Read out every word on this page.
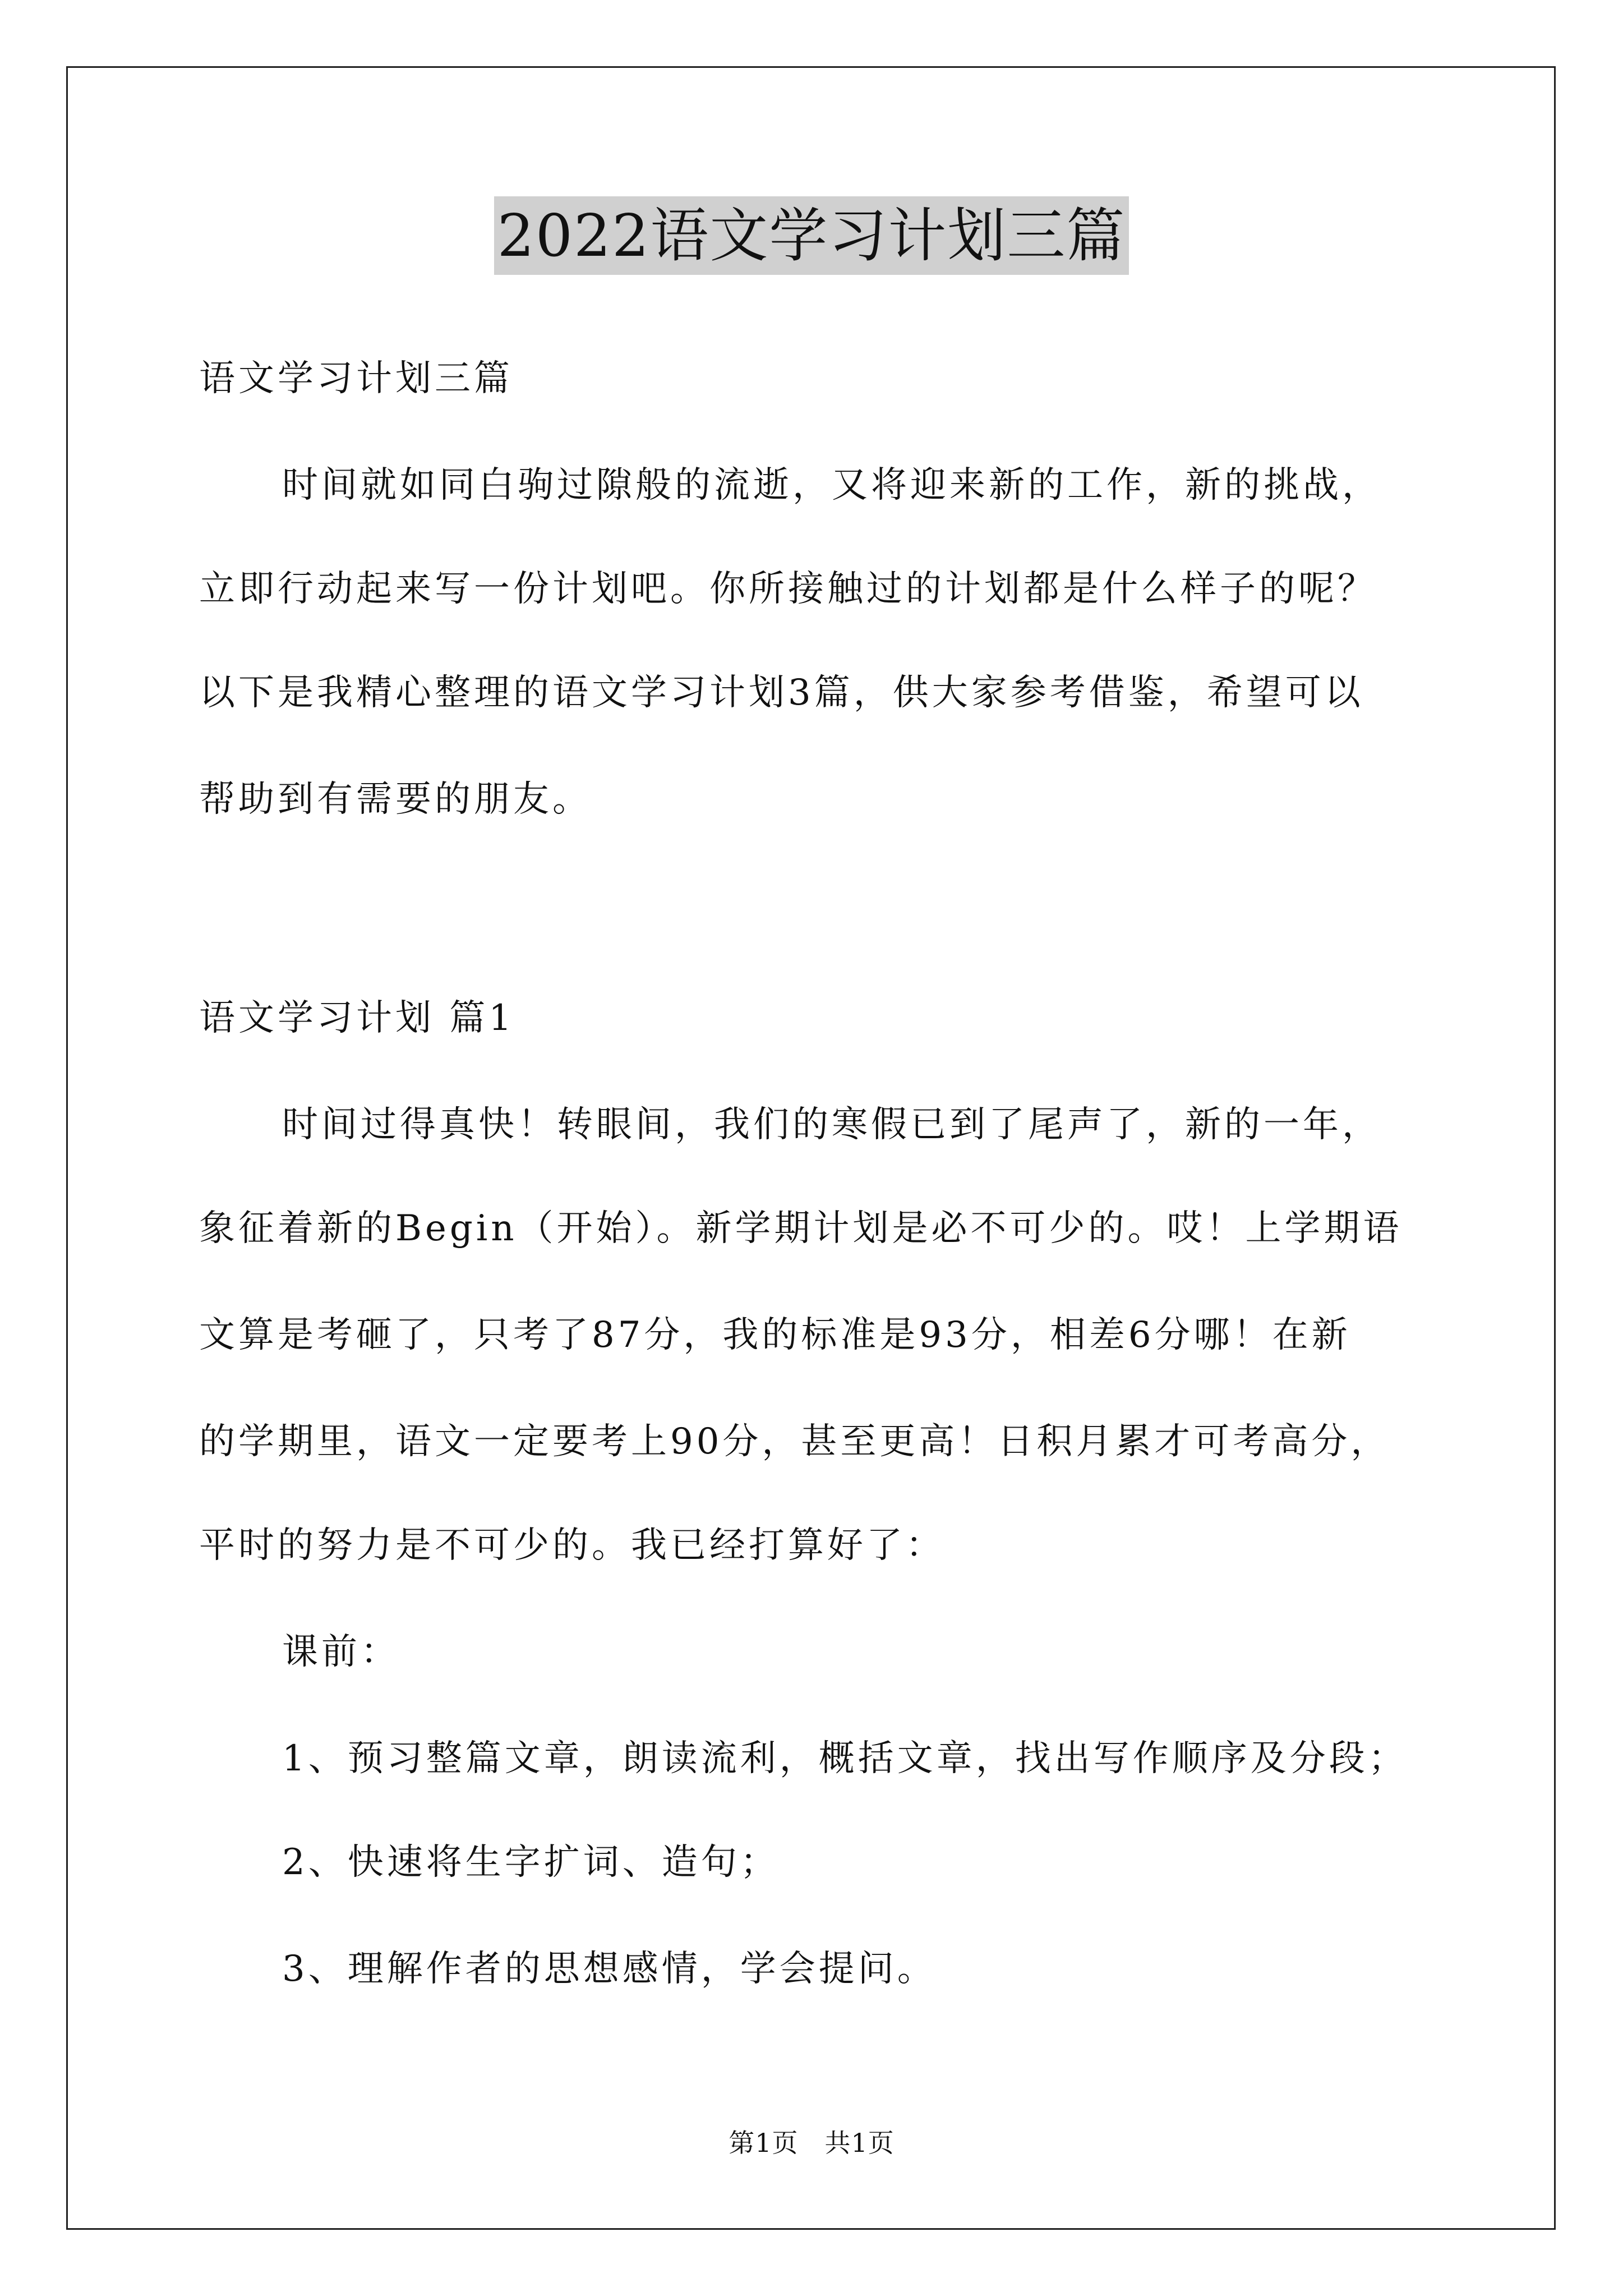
2022语文学习计划三篇
语文学习计划三篇
时间就如同白驹过隙般的流逝，又将迎来新的工作，新的挑战，
立即行动起来写一份计划吧。你所接触过的计划都是什么样子的呢？
以下是我精心整理的语文学习计划3篇，供大家参考借鉴，希望可以
帮助到有需要的朋友。
语文学习计划 篇1
时间过得真快！转眼间，我们的寒假已到了尾声了，新的一年，
象征着新的Begin（开始）。新学期计划是必不可少的。哎！上学期语
文算是考砸了，只考了87分，我的标准是93分，相差6分哪！在新
的学期里，语文一定要考上90分，甚至更高！日积月累才可考高分，
平时的努力是不可少的。我已经打算好了：
课前：
1、预习整篇文章，朗读流利，概括文章，找出写作顺序及分段；
2、快速将生字扩词、造句；
3、理解作者的思想感情，学会提问。
第1页　共1页
